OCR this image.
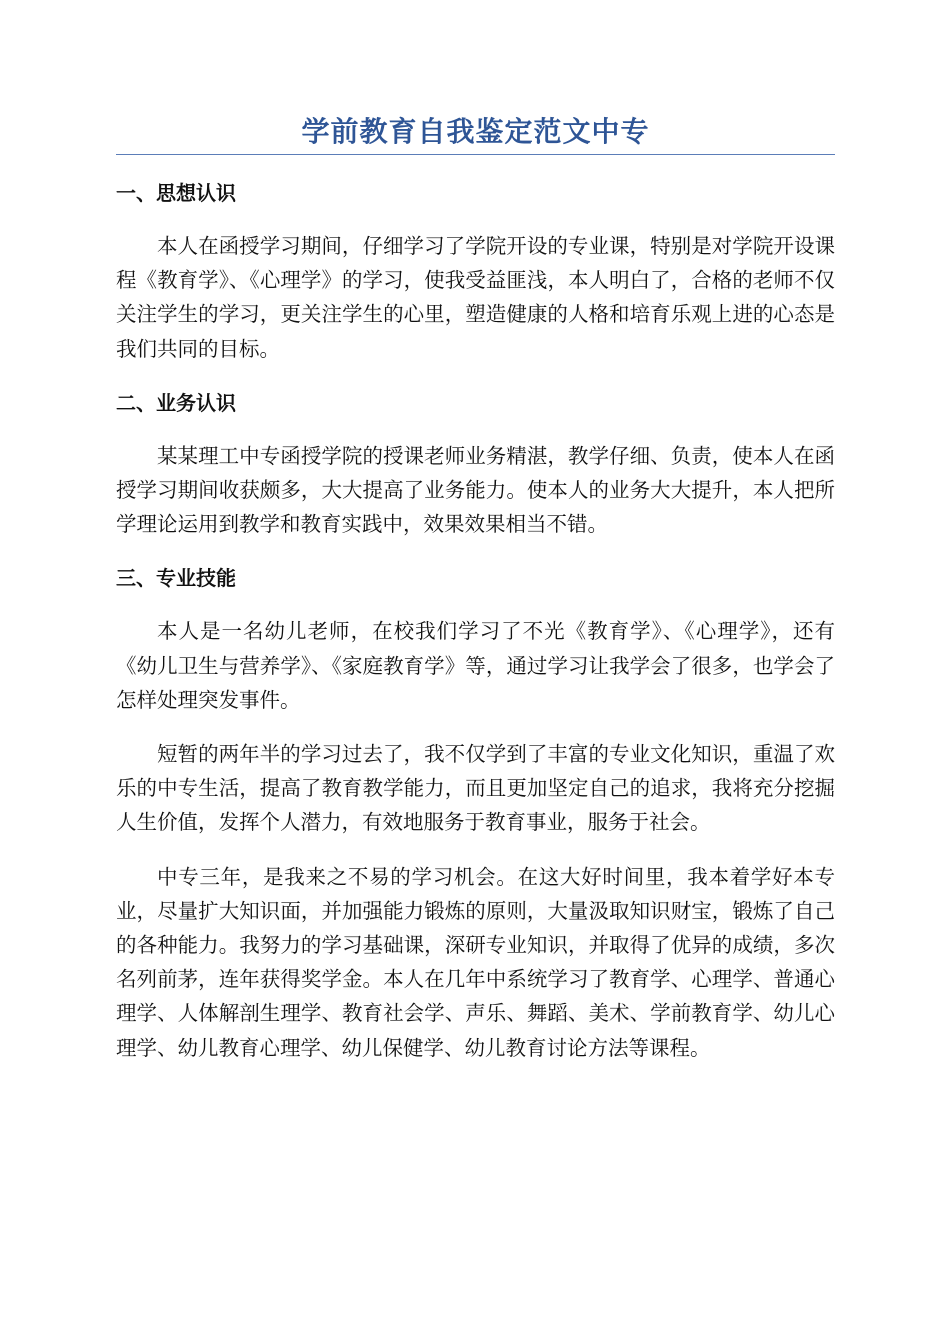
学前教育自我鉴定范文中专
一、思想认识

本人在函授学习期间，仔细学习了学院开设的专业课，特别是对学院开设课程《教育学》、《心理学》的学习，使我受益匪浅，本人明白了，合格的老师不仅关注学生的学习，更关注学生的心里，塑造健康的人格和培育乐观上进的心态是我们共同的目标。

二、业务认识

某某理工中专函授学院的授课老师业务精湛，教学仔细、负责，使本人在函授学习期间收获颇多，大大提高了业务能力。使本人的业务大大提升，本人把所学理论运用到教学和教育实践中，效果效果相当不错。

三、专业技能

本人是一名幼儿老师，在校我们学习了不光《教育学》、《心理学》，还有《幼儿卫生与营养学》、《家庭教育学》等，通过学习让我学会了很多，也学会了怎样处理突发事件。

短暂的两年半的学习过去了，我不仅学到了丰富的专业文化知识，重温了欢乐的中专生活，提高了教育教学能力，而且更加坚定自己的追求，我将充分挖掘人生价值，发挥个人潜力，有效地服务于教育事业，服务于社会。

中专三年，是我来之不易的学习机会。在这大好时间里，我本着学好本专业，尽量扩大知识面，并加强能力锻炼的原则，大量汲取知识财宝，锻炼了自己的各种能力。我努力的学习基础课，深研专业知识，并取得了优异的成绩，多次名列前茅，连年获得奖学金。本人在几年中系统学习了教育学、心理学、普通心理学、人体解剖生理学、教育社会学、声乐、舞蹈、美术、学前教育学、幼儿心理学、幼儿教育心理学、幼儿保健学、幼儿教育讨论方法等课程。
